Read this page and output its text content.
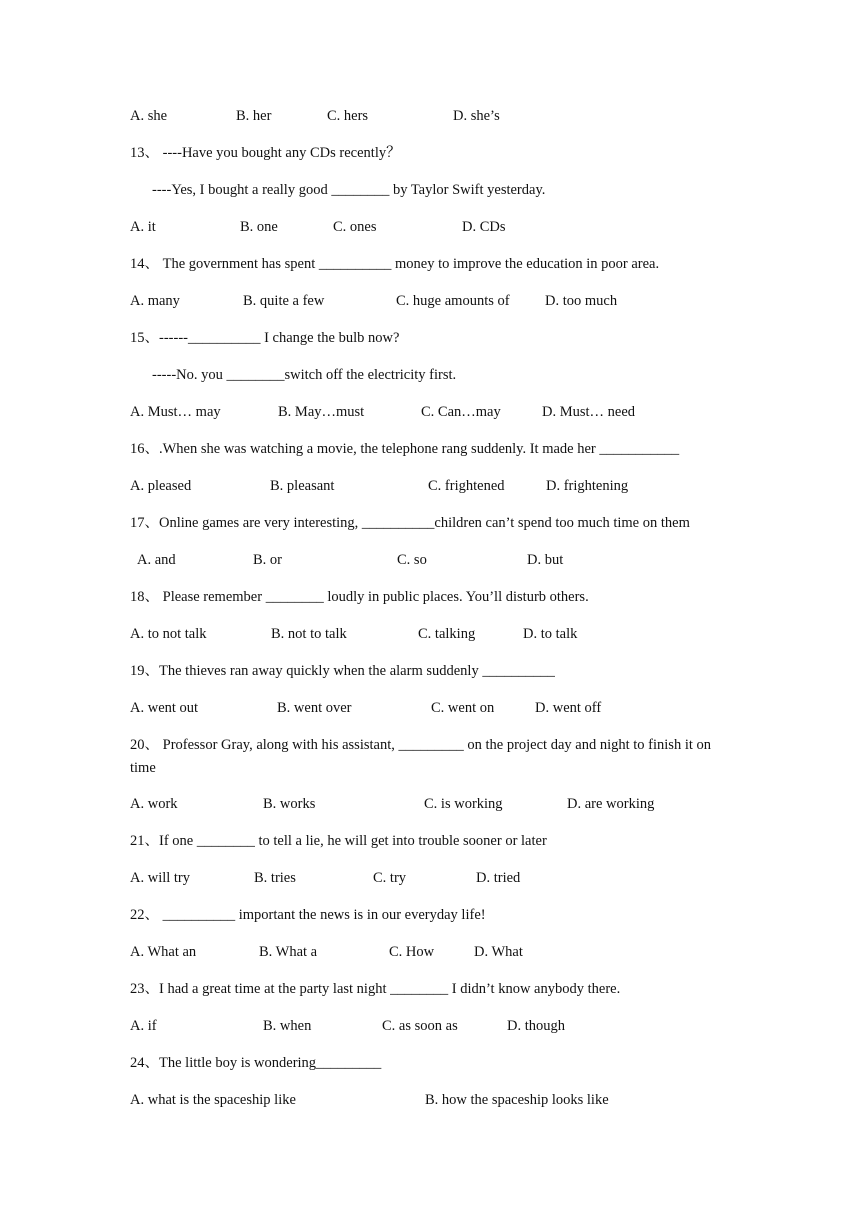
A. she	B. her	C. hers	D. she’s
13、 ----Have you bought any CDs recently？
----Yes, I bought a really good ________ by Taylor Swift yesterday.
A. it	B. one	C. ones	D. CDs
14、 The government has spent __________ money to improve the education in poor area.
A. many	B. quite a few	C. huge amounts of D. too much
15、------__________ I change the bulb now?
-----No. you ________switch off the electricity first.
A. Must… may	B. May…must	C. Can…may	D. Must… need
16、.When she was watching a movie, the telephone rang suddenly. It made her ___________
A. pleased	B. pleasant	C. frightened	D. frightening
17、Online games are very interesting, __________children can’t spend too much time on them
A. and	B. or	C. so	D. but
18、 Please remember ________ loudly in public places. You’ll disturb others.
A. to not talk	B. not to talk	C. talking	D. to talk
19、The thieves ran away quickly when the alarm suddenly __________
A. went out	B. went over	C. went on	D. went off
20、 Professor Gray, along with his assistant, _________ on the project day and night to finish it on time
A. work	B. works	C. is working	D. are working
21、If one ________ to tell a lie, he will get into trouble sooner or later
A. will try	B. tries	C. try	D. tried
22、 __________ important the news is in our everyday life!
A. What an	B. What a	C. How	D. What
23、I had a great time at the party last night ________ I didn’t know anybody there.
A. if	B. when	C. as soon as	D. though
24、The little boy is wondering_________
A. what is the spaceship like	B. how the spaceship looks like
